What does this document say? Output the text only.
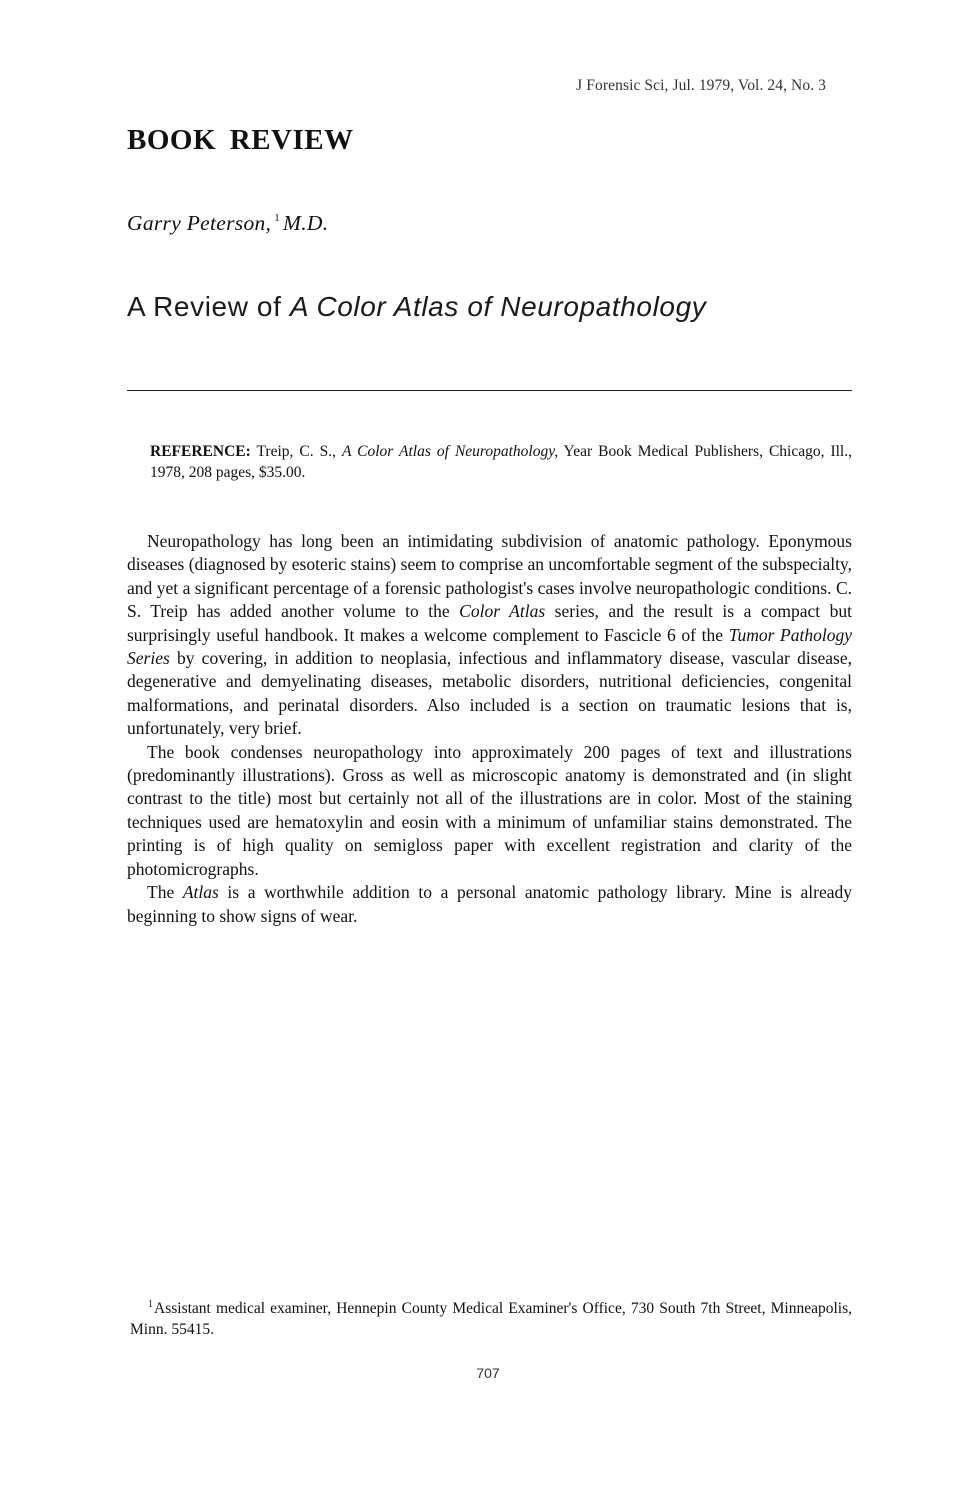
J Forensic Sci, Jul. 1979, Vol. 24, No. 3
BOOK REVIEW
Garry Peterson, $^1$ M.D.
A Review of A Color Atlas of Neuropathology
REFERENCE: Treip, C. S., A Color Atlas of Neuropathology, Year Book Medical Publishers, Chicago, Ill., 1978, 208 pages, $35.00.

Neuropathology has long been an intimidating subdivision of anatomic pathology. Eponymous diseases (diagnosed by esoteric stains) seem to comprise an uncomfortable segment of the subspecialty, and yet a significant percentage of a forensic pathologist's cases involve neuropathologic conditions. C. S. Treip has added another volume to the Color Atlas series, and the result is a compact but surprisingly useful handbook. It makes a welcome complement to Fascicle 6 of the Tumor Pathology Series by covering, in addition to neoplasia, infectious and inflammatory disease, vascular disease, degenerative and demyelinating diseases, metabolic disorders, nutritional deficiencies, congenital malformations, and perinatal disorders. Also included is a section on traumatic lesions that is, unfortunately, very brief.

The book condenses neuropathology into approximately 200 pages of text and illustrations (predominantly illustrations). Gross as well as microscopic anatomy is demonstrated and (in slight contrast to the title) most but certainly not all of the illustrations are in color. Most of the staining techniques used are hematoxylin and eosin with a minimum of unfamiliar stains demonstrated. The printing is of high quality on semigloss paper with excellent registration and clarity of the photomicrographs.

The Atlas is a worthwhile addition to a personal anatomic pathology library. Mine is already beginning to show signs of wear.

$^1$Assistant medical examiner, Hennepin County Medical Examiner's Office, 730 South 7th Street, Minneapolis, Minn. 55415.

707
